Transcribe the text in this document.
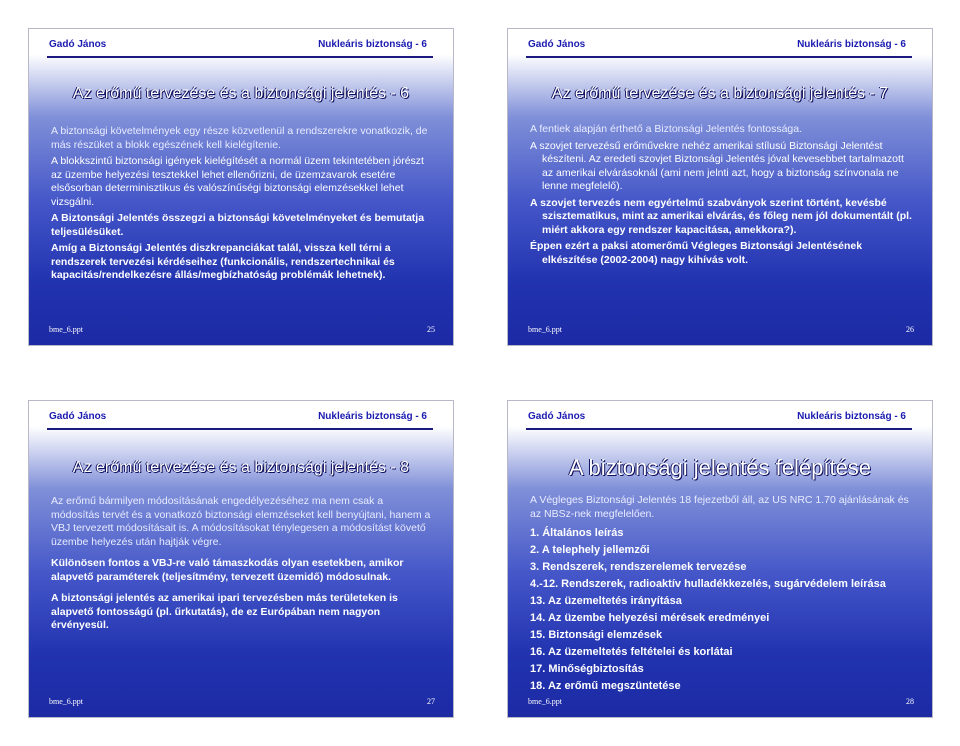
Gadó János	Nukleáris biztonság - 6
Az erőmű tervezése és a biztonsági jelentés - 6

A biztonsági követelmények egy része közvetlenül a rendszerekre vonatkozik, de más részüket a blokk egészének kell kielégítenie.

A blokkszintű biztonsági igények kielégítését a normál üzem tekintetében jórészt az üzembe helyezési tesztekkel lehet ellenőrizni, de üzemzavarok esetére elsősorban determinisztikus és valószínűségi biztonsági elemzésekkel lehet vizsgálni.

A Biztonsági Jelentés összegzi a biztonsági követelményeket és bemutatja teljesülésüket.

Amíg a Biztonsági Jelentés diszkrepanciákat talál, vissza kell térni a rendszerek tervezési kérdéseihez (funkcionális, rendszertechnikai és kapacitás/rendelkezésre állás/megbízhatóság problémák lehetnek).

bme_6.ppt	25
Gadó János	Nukleáris biztonság - 6
Az erőmű tervezése és a biztonsági jelentés - 7

A fentiek alapján érthető a Biztonsági Jelentés fontossága.

A szovjet tervezésű erőművekre nehéz amerikai stílusú Biztonsági Jelentést készíteni. Az eredeti szovjet Biztonsági Jelentés jóval kevesebbet tartalmazott az amerikai elvárásoknál (ami nem jelnti azt, hogy a biztonság színvonala ne lenne megfelelő).

A szovjet tervezés nem egyértelmű szabványok szerint történt, kevésbé szisztematikus, mint az amerikai elvárás, és főleg nem jól dokumentált (pl. miért akkora egy rendszer kapacitása, amekkora?).

Éppen ezért a paksi atomerőmű Végleges Biztonsági Jelentésének elkészítése (2002-2004) nagy kihívás volt.

bme_6.ppt	26
Gadó János	Nukleáris biztonság - 6
Az erőmű tervezése és a biztonsági jelentés - 8

Az erőmű bármilyen módosításának engedélyezéséhez ma nem csak a módosítás tervét és a vonatkozó biztonsági elemzéseket kell benyújtani, hanem a VBJ tervezett módosításait is. A módosításokat ténylegesen a módosítást követő üzembe helyezés után hajtják végre.

Különösen fontos a VBJ-re való támaszkodás olyan esetekben, amikor alapvető paraméterek (teljesítmény, tervezett üzemidő) módosulnak.

A biztonsági jelentés az amerikai ipari tervezésben más területeken is alapvető fontosságú (pl. űrkutatás), de ez Európában nem nagyon érvényesül.

bme_6.ppt	27
Gadó János	Nukleáris biztonság - 6
A biztonsági jelentés felépítése

A Végleges Biztonsági Jelentés 18 fejezetből áll, az US NRC 1.70 ajánlásának és az NBSz-nek megfelelően.

1. Általános leírás
2. A telephely jellemzői
3. Rendszerek, rendszerelemek tervezése
4.-12. Rendszerek, radioaktív hulladékkezelés, sugárvédelem leírása
13. Az üzemeltetés irányítása
14. Az üzembe helyezési mérések eredményei
15. Biztonsági elemzések
16. Az üzemeltetés feltételei és korlátai
17. Minőségbiztosítás
18. Az erőmű megszüntetése
bme_6.ppt	28
